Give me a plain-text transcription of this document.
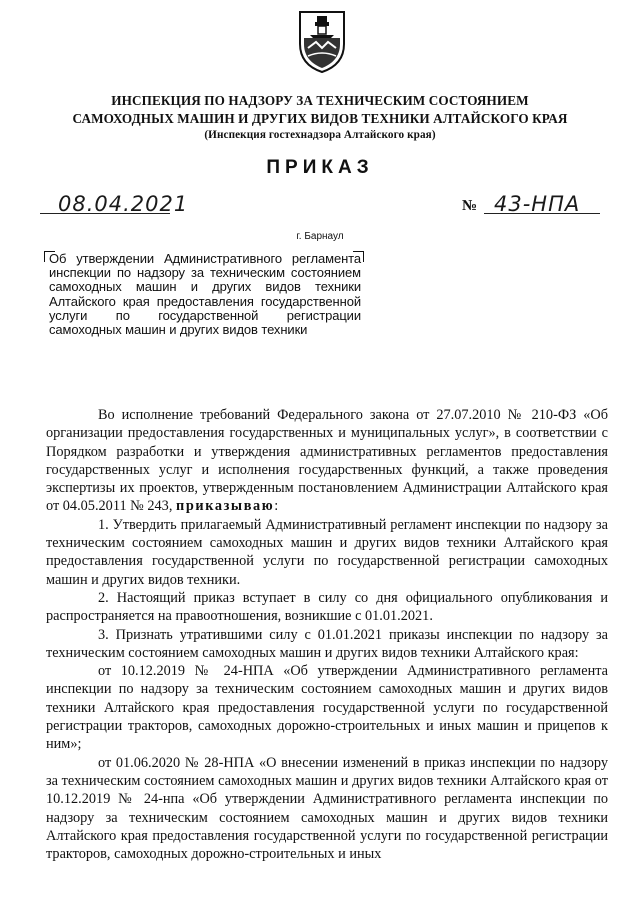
ИНСПЕКЦИЯ ПО НАДЗОРУ ЗА ТЕХНИЧЕСКИМ СОСТОЯНИЕМ
САМОХОДНЫХ МАШИН И ДРУГИХ ВИДОВ ТЕХНИКИ АЛТАЙСКОГО КРАЯ
(Инспекция гостехнадзора Алтайского края)
ПРИКАЗ
08.04.2021	№ 43-НПА
г. Барнаул
Об утверждении Административного регламента инспекции по надзору за техническим состоянием самоходных машин и других видов техники Алтайского края предоставления государственной услуги по государственной регистрации самоходных машин и других видов техники

Во исполнение требований Федерального закона от 27.07.2010 № 210-ФЗ «Об организации предоставления государственных и муниципальных услуг», в соответствии с Порядком разработки и утверждения административных регламентов предоставления государственных услуг и исполнения государственных функций, а также проведения экспертизы их проектов, утвержденным постановлением Администрации Алтайского края от 04.05.2011 № 243, приказываю:

1. Утвердить прилагаемый Административный регламент инспекции по надзору за техническим состоянием самоходных машин и других видов техники Алтайского края предоставления государственной услуги по государственной регистрации самоходных машин и других видов техники.

2. Настоящий приказ вступает в силу со дня официального опубликования и распространяется на правоотношения, возникшие с 01.01.2021.

3. Признать утратившими силу с 01.01.2021 приказы инспекции по надзору за техническим состоянием самоходных машин и других видов техники Алтайского края:

от 10.12.2019 № 24-НПА «Об утверждении Административного регламента инспекции по надзору за техническим состоянием самоходных машин и других видов техники Алтайского края предоставления государственной услуги по государственной регистрации тракторов, самоходных дорожно-строительных и иных машин и прицепов к ним»;

от 01.06.2020 № 28-НПА «О внесении изменений в приказ инспекции по надзору за техническим состоянием самоходных машин и других видов техники Алтайского края от 10.12.2019 № 24-нпа «Об утверждении Административного регламента инспекции по надзору за техническим состоянием самоходных машин и других видов техники Алтайского края предоставления государственной услуги по государственной регистрации тракторов, самоходных дорожно-строительных и иных
